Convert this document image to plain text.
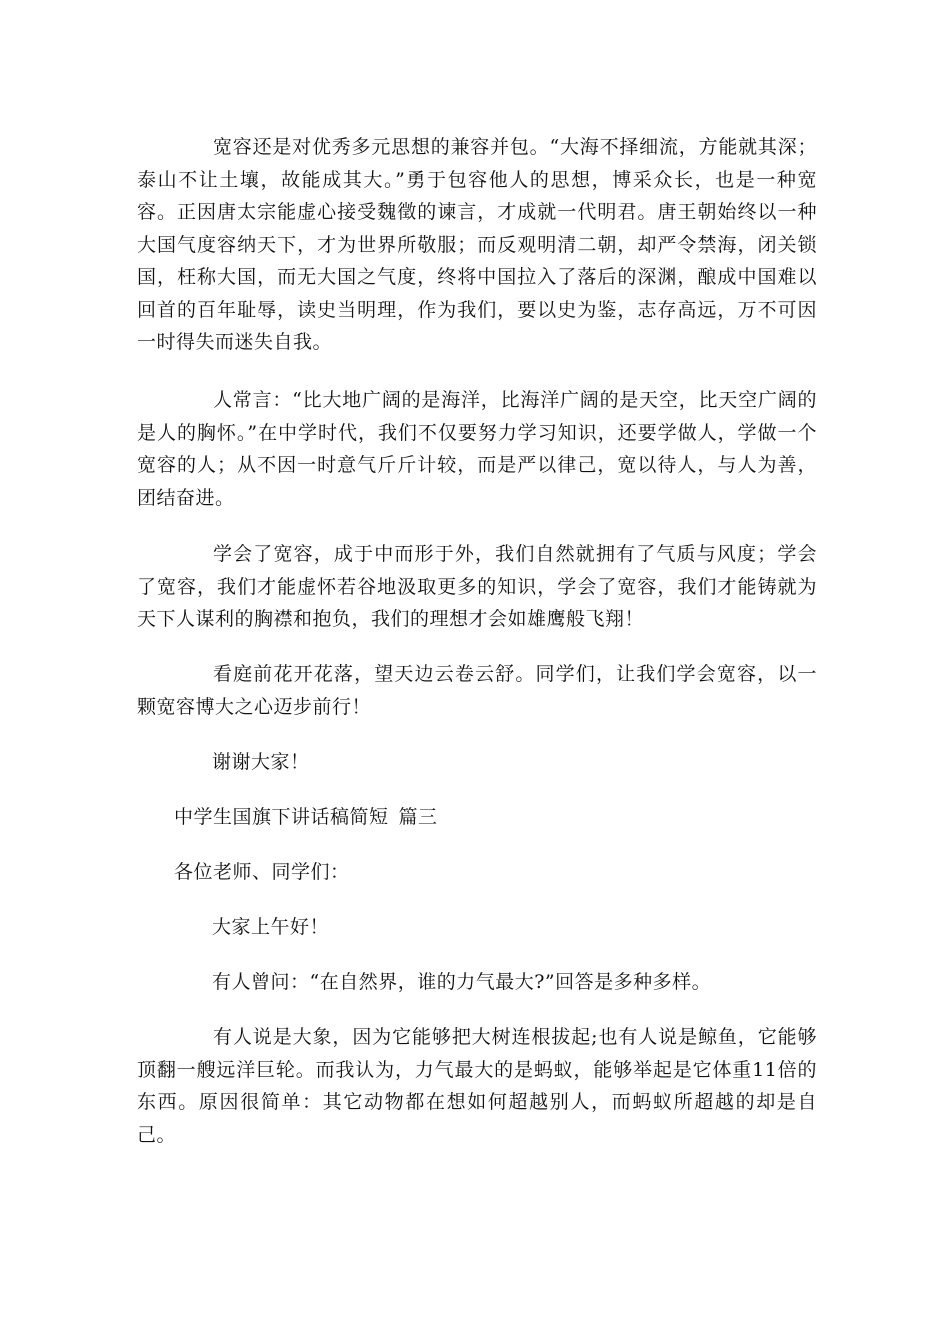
宽容还是对优秀多元思想的兼容并包。“大海不择细流，方能就其深；泰山不让土壤，故能成其大。”勇于包容他人的思想，博采众长，也是一种宽容。正因唐太宗能虚心接受魏徵的谏言，才成就一代明君。唐王朝始终以一种大国气度容纳天下，才为世界所敬服；而反观明清二朝，却严令禁海，闭关锁国，枉称大国，而无大国之气度，终将中国拉入了落后的深渊，酿成中国难以回首的百年耻辱，读史当明理，作为我们，要以史为鉴，志存高远，万不可因一时得失而迷失自我。

人常言：“比大地广阔的是海洋，比海洋广阔的是天空，比天空广阔的是人的胸怀。”在中学时代，我们不仅要努力学习知识，还要学做人，学做一个宽容的人；从不因一时意气斤斤计较，而是严以律己，宽以待人，与人为善，团结奋进。

学会了宽容，成于中而形于外，我们自然就拥有了气质与风度；学会了宽容，我们才能虚怀若谷地汲取更多的知识，学会了宽容，我们才能铸就为天下人谋利的胸襟和抱负，我们的理想才会如雄鹰般飞翔！

看庭前花开花落，望天边云卷云舒。同学们，让我们学会宽容，以一颗宽容博大之心迈步前行！

谢谢大家！

中学生国旗下讲话稿简短 篇三

各位老师、同学们：

大家上午好！

有人曾问：“在自然界，谁的力气最大?”回答是多种多样。

有人说是大象，因为它能够把大树连根拔起;也有人说是鲸鱼，它能够顶翻一艘远洋巨轮。而我认为，力气最大的是蚂蚁，能够举起是它体重11倍的东西。原因很简单：其它动物都在想如何超越别人，而蚂蚁所超越的却是自己。
